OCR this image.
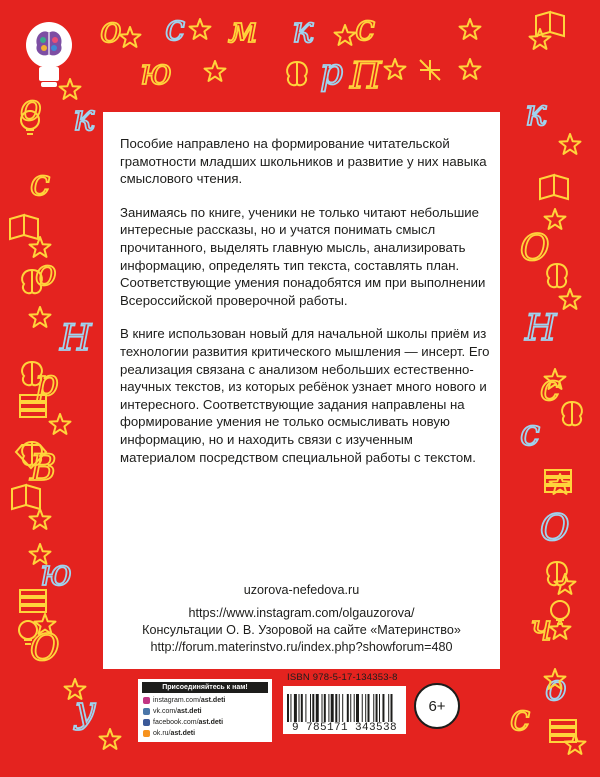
о с м к с
ю	р П
к
с
о
р
Н
В
ю
О
у
о
О
Н
с
с
О
ч
о
с
к

Пособие направлено на формирование читательской грамотности младших школьников и развитие у них навыка смыслового чтения.

Занимаясь по книге, ученики не только читают небольшие интересные рассказы, но и учатся понимать смысл прочитанного, выделять главную мысль, анализировать информацию, определять тип текста, составлять план. Соответствующие умения понадобятся им при выполнении Всероссийской проверочной работы.

В книге использован новый для начальной школы приём из технологии развития критического мышления — инсерт. Его реализация связана с анализом небольших естественно-научных текстов, из которых ребёнок узнает много нового и интересного. Соответствующие задания направлены на формирование умения не только осмысливать новую информацию, но и находить связи с изученным материалом посредством специальной работы с текстом.

uzorova-nefedova.ru
https://www.instagram.com/olgauzorova/
Консультации О. В. Узоровой на сайте «Материнство»
http://forum.materinstvo.ru/index.php?showforum=480
Присоединяйтесь к нам!
instagram.com/ ast.deti
vk.com/ ast.deti
facebook.com/ ast.deti
ok.ru/ ast.deti
ISBN 978-5-17-134353-8
9 785171 343538
6+
